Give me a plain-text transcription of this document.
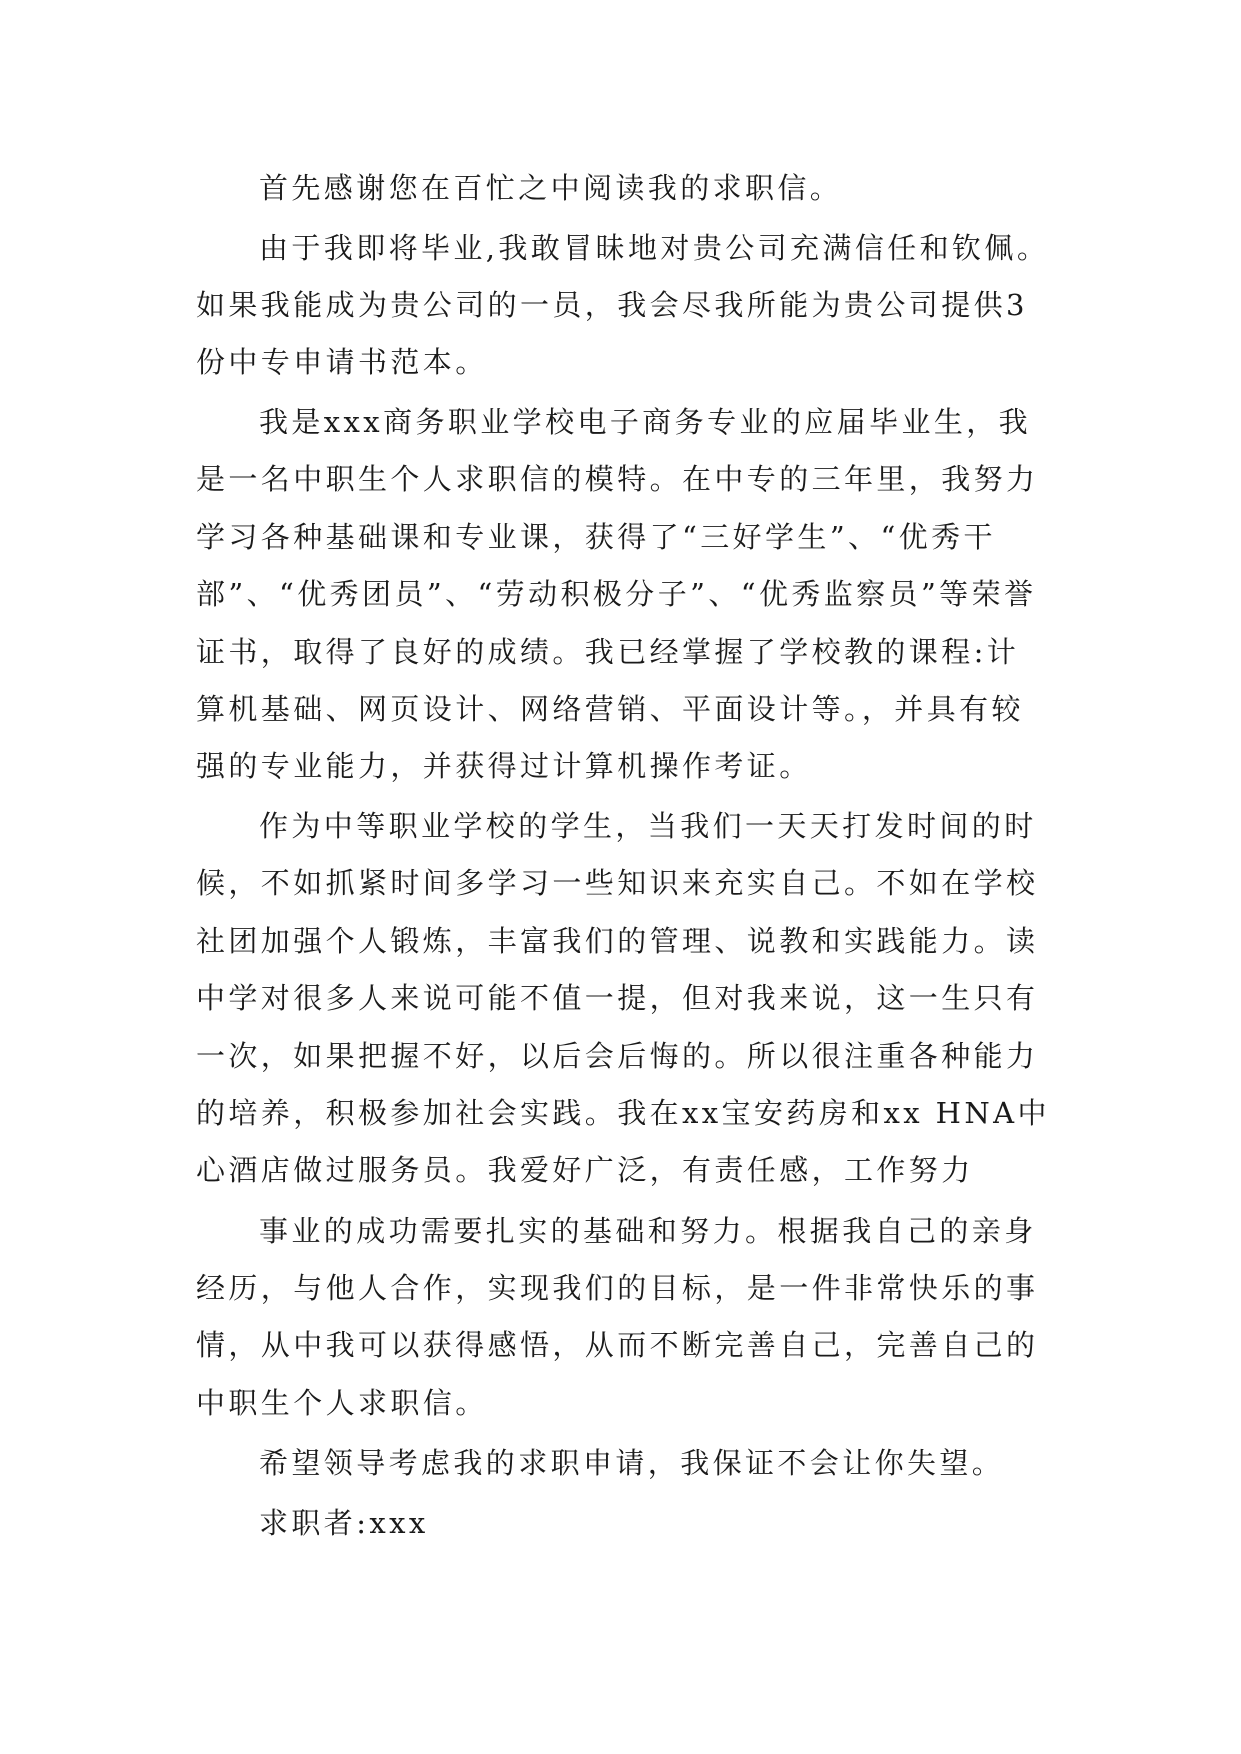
首先感谢您在百忙之中阅读我的求职信。
由于我即将毕业,我敢冒昧地对贵公司充满信任和钦佩。
如果我能成为贵公司的一员，我会尽我所能为贵公司提供3
份中专申请书范本。
我是xxx商务职业学校电子商务专业的应届毕业生，我
是一名中职生个人求职信的模特。在中专的三年里，我努力
学习各种基础课和专业课，获得了“三好学生”、“优秀干
部”、“优秀团员”、“劳动积极分子”、“优秀监察员”等荣誉
证书，取得了良好的成绩。我已经掌握了学校教的课程:计
算机基础、网页设计、网络营销、平面设计等。，并具有较
强的专业能力，并获得过计算机操作考证。
作为中等职业学校的学生，当我们一天天打发时间的时
候，不如抓紧时间多学习一些知识来充实自己。不如在学校
社团加强个人锻炼，丰富我们的管理、说教和实践能力。读
中学对很多人来说可能不值一提，但对我来说，这一生只有
一次，如果把握不好，以后会后悔的。所以很注重各种能力
的培养，积极参加社会实践。我在xx宝安药房和xx HNA中
心酒店做过服务员。我爱好广泛，有责任感，工作努力
事业的成功需要扎实的基础和努力。根据我自己的亲身
经历，与他人合作，实现我们的目标，是一件非常快乐的事
情，从中我可以获得感悟，从而不断完善自己，完善自己的
中职生个人求职信。
希望领导考虑我的求职申请，我保证不会让你失望。
求职者:xxx
